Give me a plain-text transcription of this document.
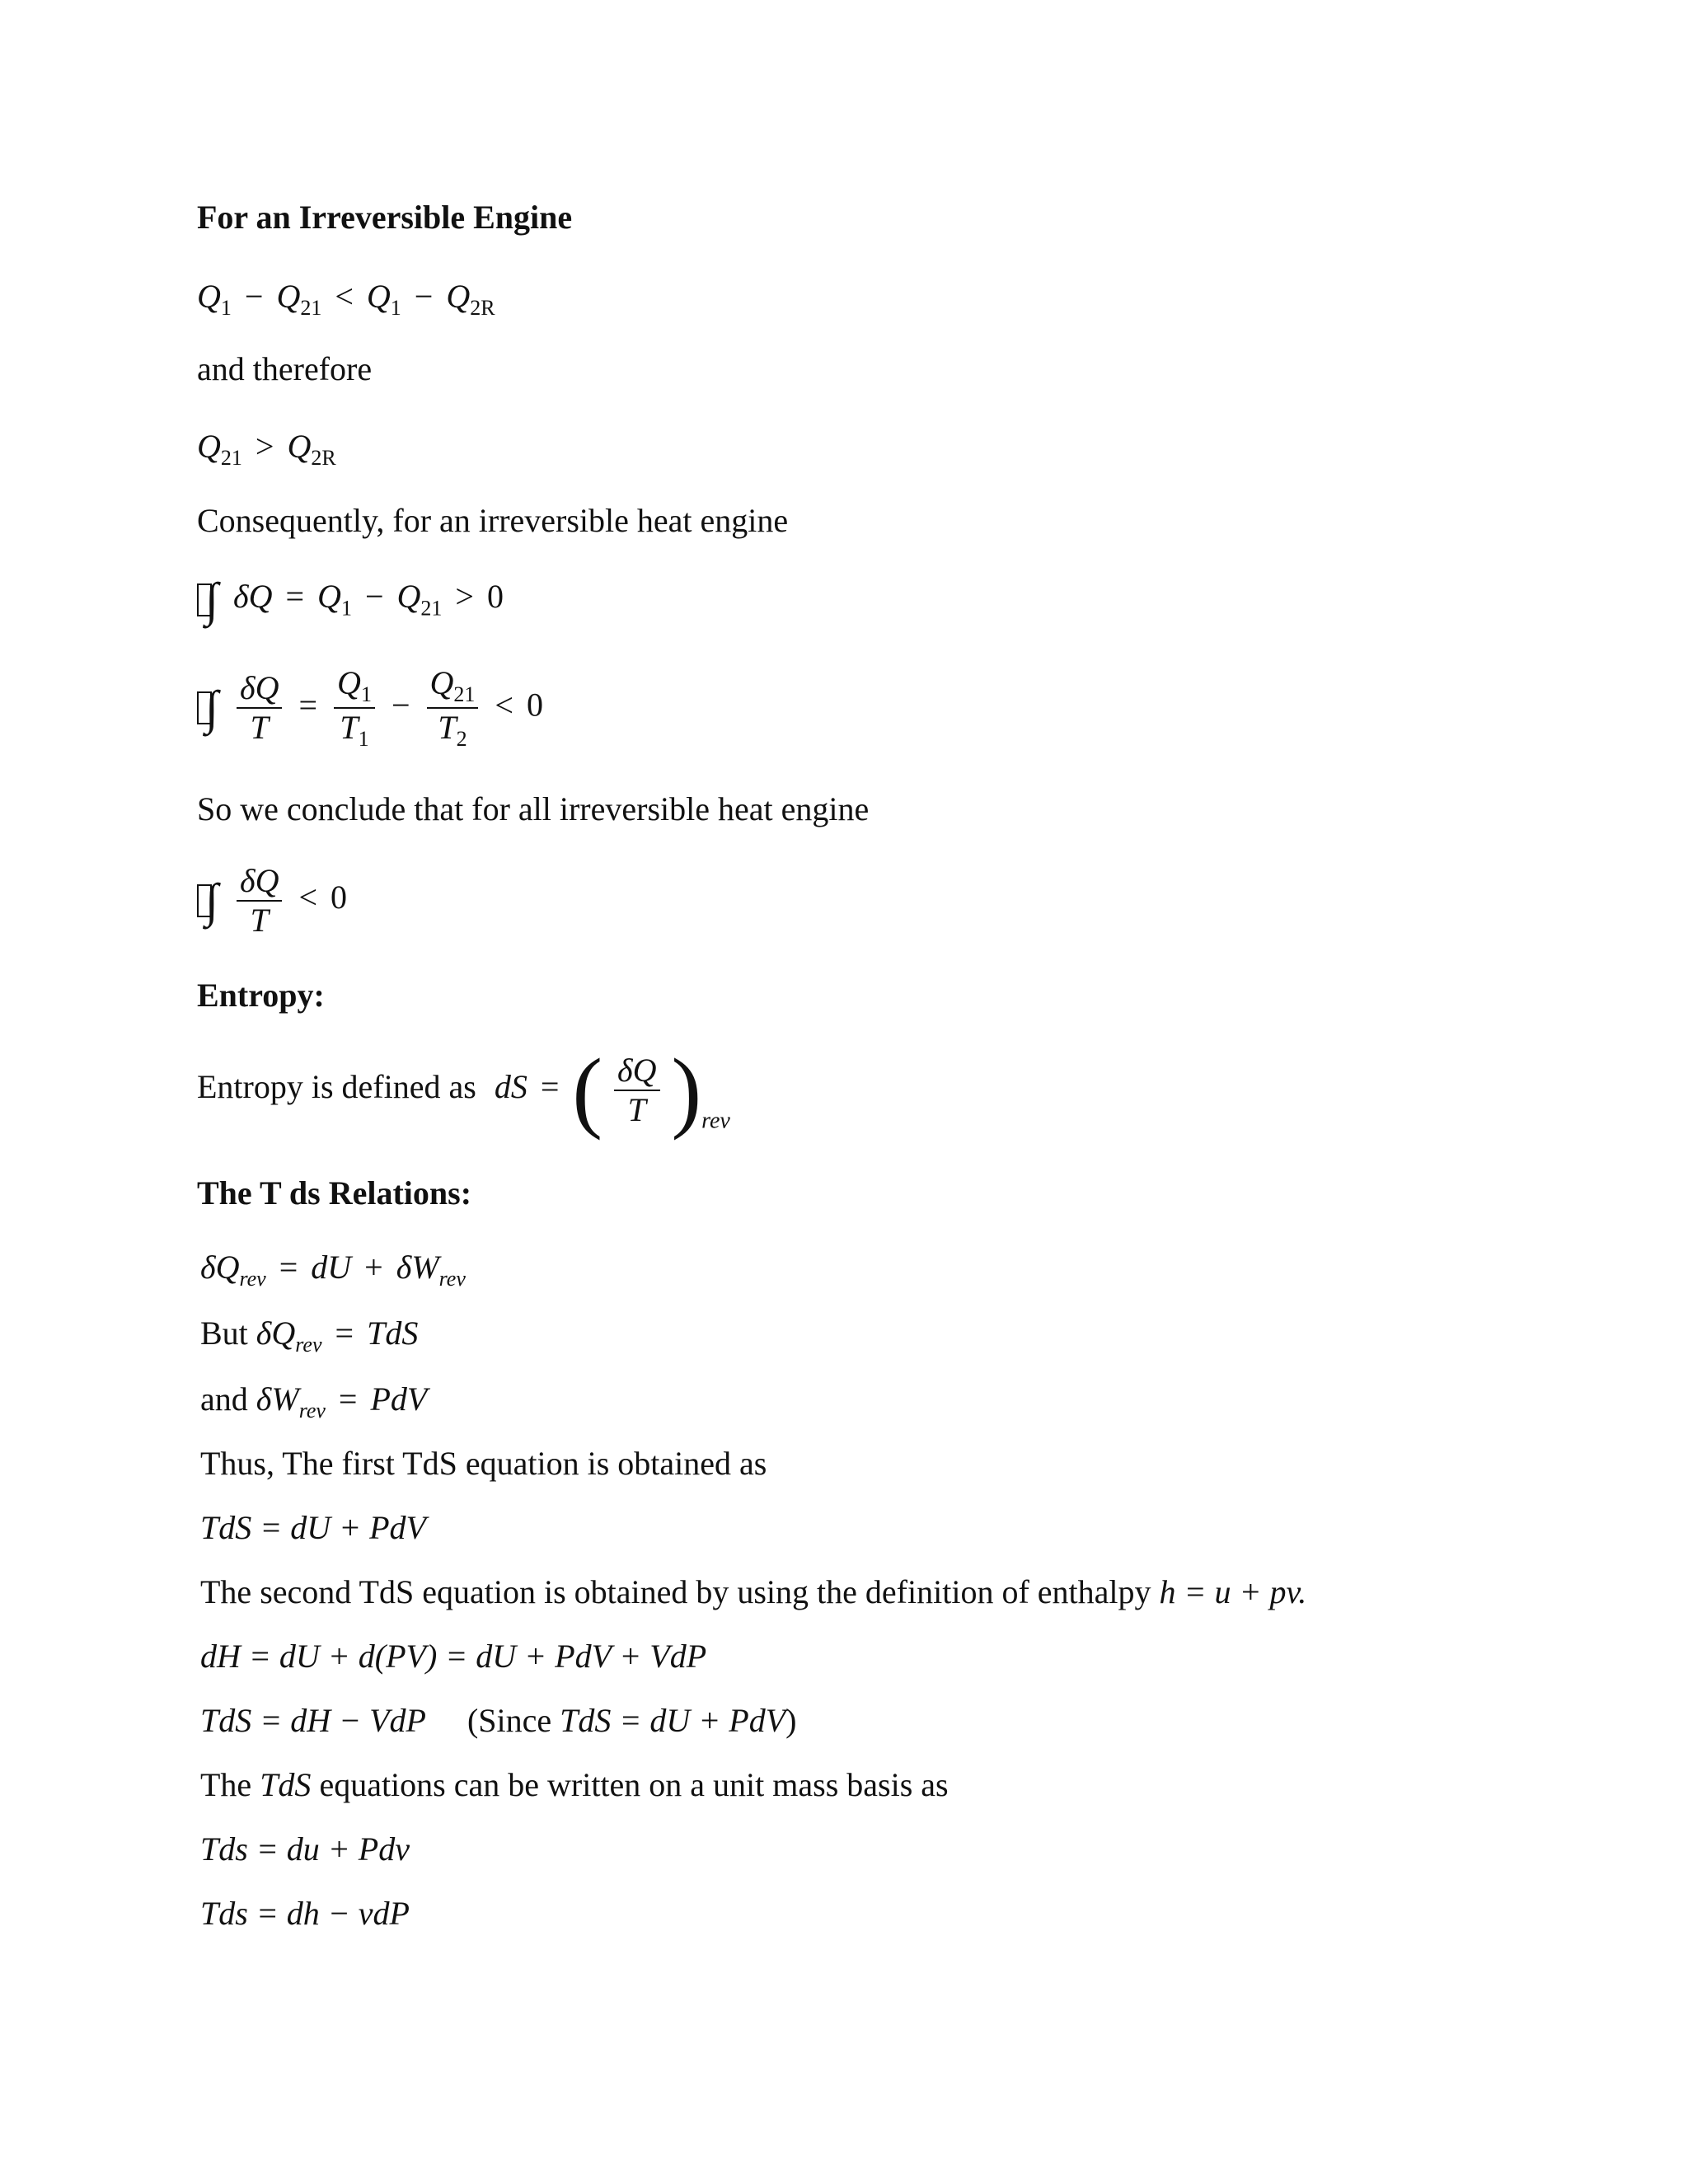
For an Irreversible Engine
$Q_1 - Q_{21} < Q_1 - Q_{2R}$
and therefore
$Q_{21} > Q_{2R}$
Consequently, for an irreversible heat engine
∫ $\delta Q = Q_1 - Q_{21} > 0$
∫
$\frac{\delta Q}{T} = \frac{Q_1}{T_1} - \frac{Q_{21}}{T_2} < 0$
So we conclude that for all irreversible heat engine
∫
$\frac{\delta Q}{T} < 0$
Entropy:
Entropy is defined as dS = ( $\frac{\delta Q}{T} )_{rev}$
The T ds Relations:
$\delta Q_{rev}$ = dU + $\delta W_{rev}$
But $\delta Q_{rev}$ = TdS
and $\delta W_{rev}$ = PdV
Thus, The first TdS equation is obtained as
TdS = dU + PdV
The second TdS equation is obtained by using the definition of enthalpy h = u + pv.
dH = dU + d(PV) = dU + PdV + VdP
TdS = dH − VdP (Since TdS = dU + PdV)
The TdS equations can be written on a unit mass basis as
Tds = du + Pdv
Tds = dh − vdP
